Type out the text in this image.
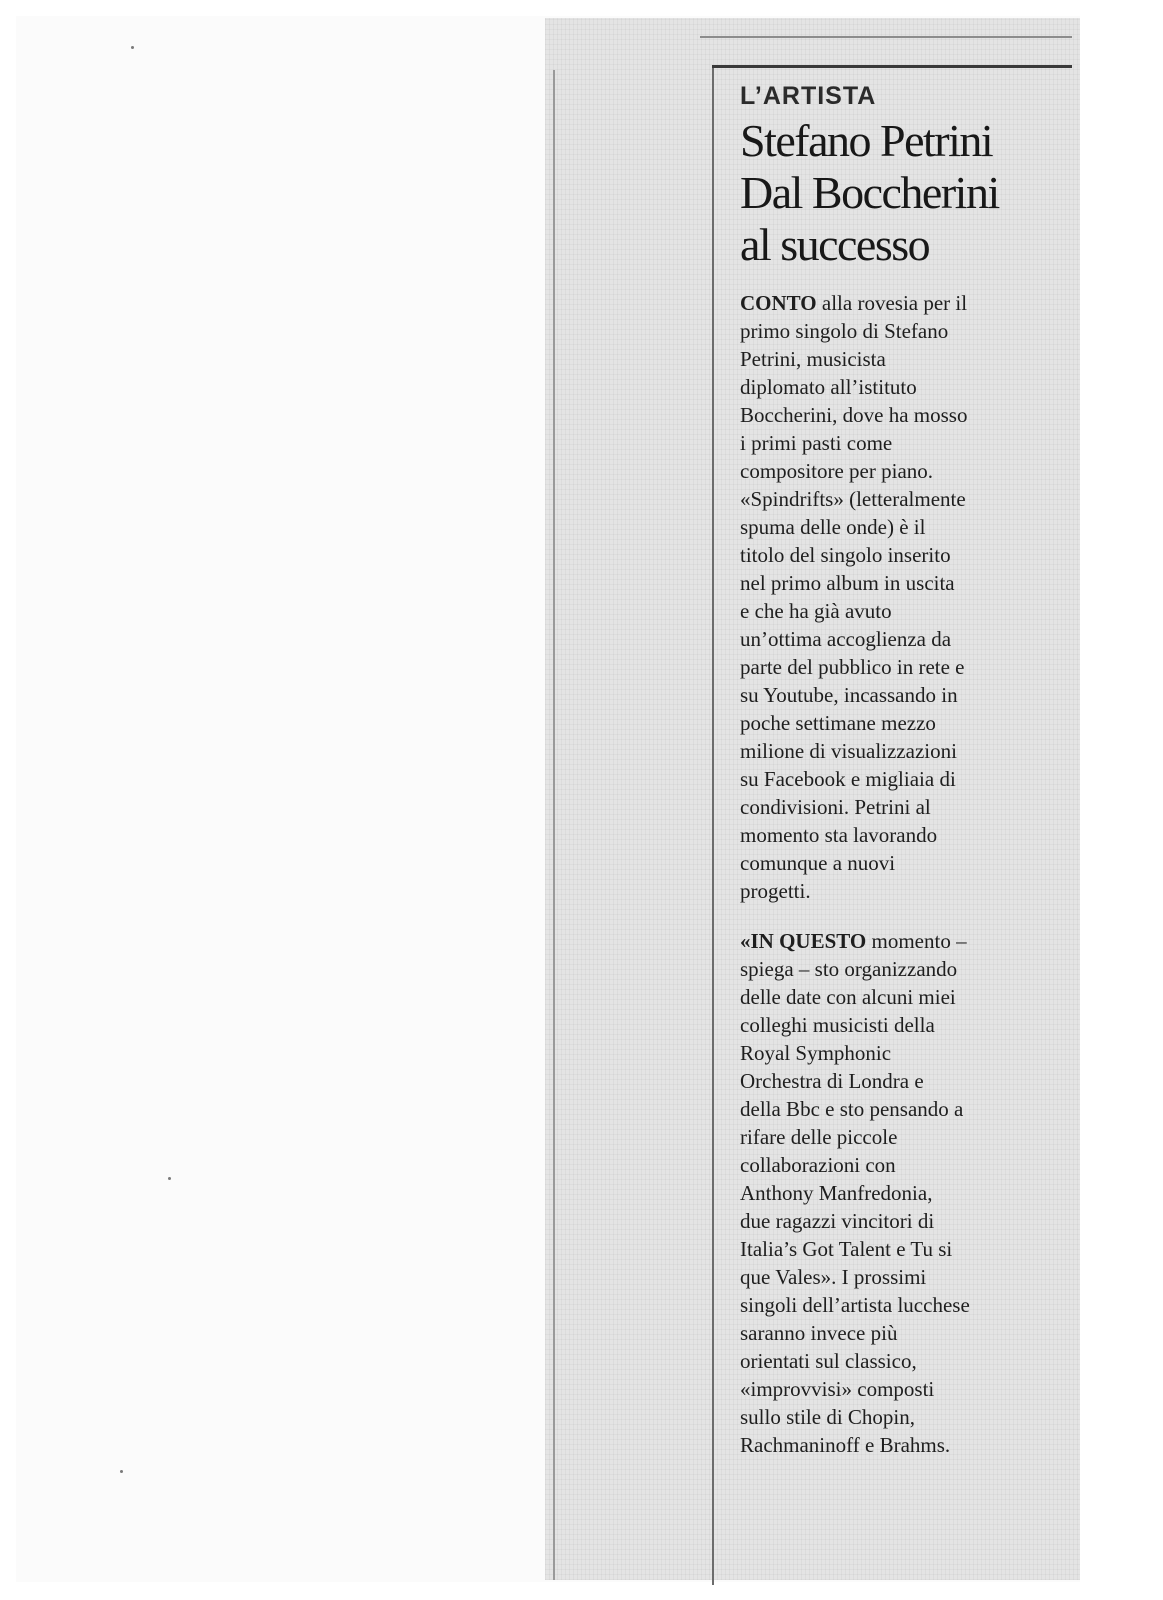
L’ARTISTA
Stefano Petrini
Dal Boccherini
al successo

CONTO alla rovesia per il
primo singolo di Stefano
Petrini, musicista
diplomato all’istituto
Boccherini, dove ha mosso
i primi pasti come
compositore per piano.
«Spindrifts» (letteralmente
spuma delle onde) è il
titolo del singolo inserito
nel primo album in uscita
e che ha già avuto
un’ottima accoglienza da
parte del pubblico in rete e
su Youtube, incassando in
poche settimane mezzo
milione di visualizzazioni
su Facebook e migliaia di
condivisioni. Petrini al
momento sta lavorando
comunque a nuovi
progetti.

«IN QUESTO momento –
spiega – sto organizzando
delle date con alcuni miei
colleghi musicisti della
Royal Symphonic
Orchestra di Londra e
della Bbc e sto pensando a
rifare delle piccole
collaborazioni con
Anthony Manfredonia,
due ragazzi vincitori di
Italia’s Got Talent e Tu si
que Vales». I prossimi
singoli dell’artista lucchese
saranno invece più
orientati sul classico,
«improvvisi» composti
sullo stile di Chopin,
Rachmaninoff e Brahms.
